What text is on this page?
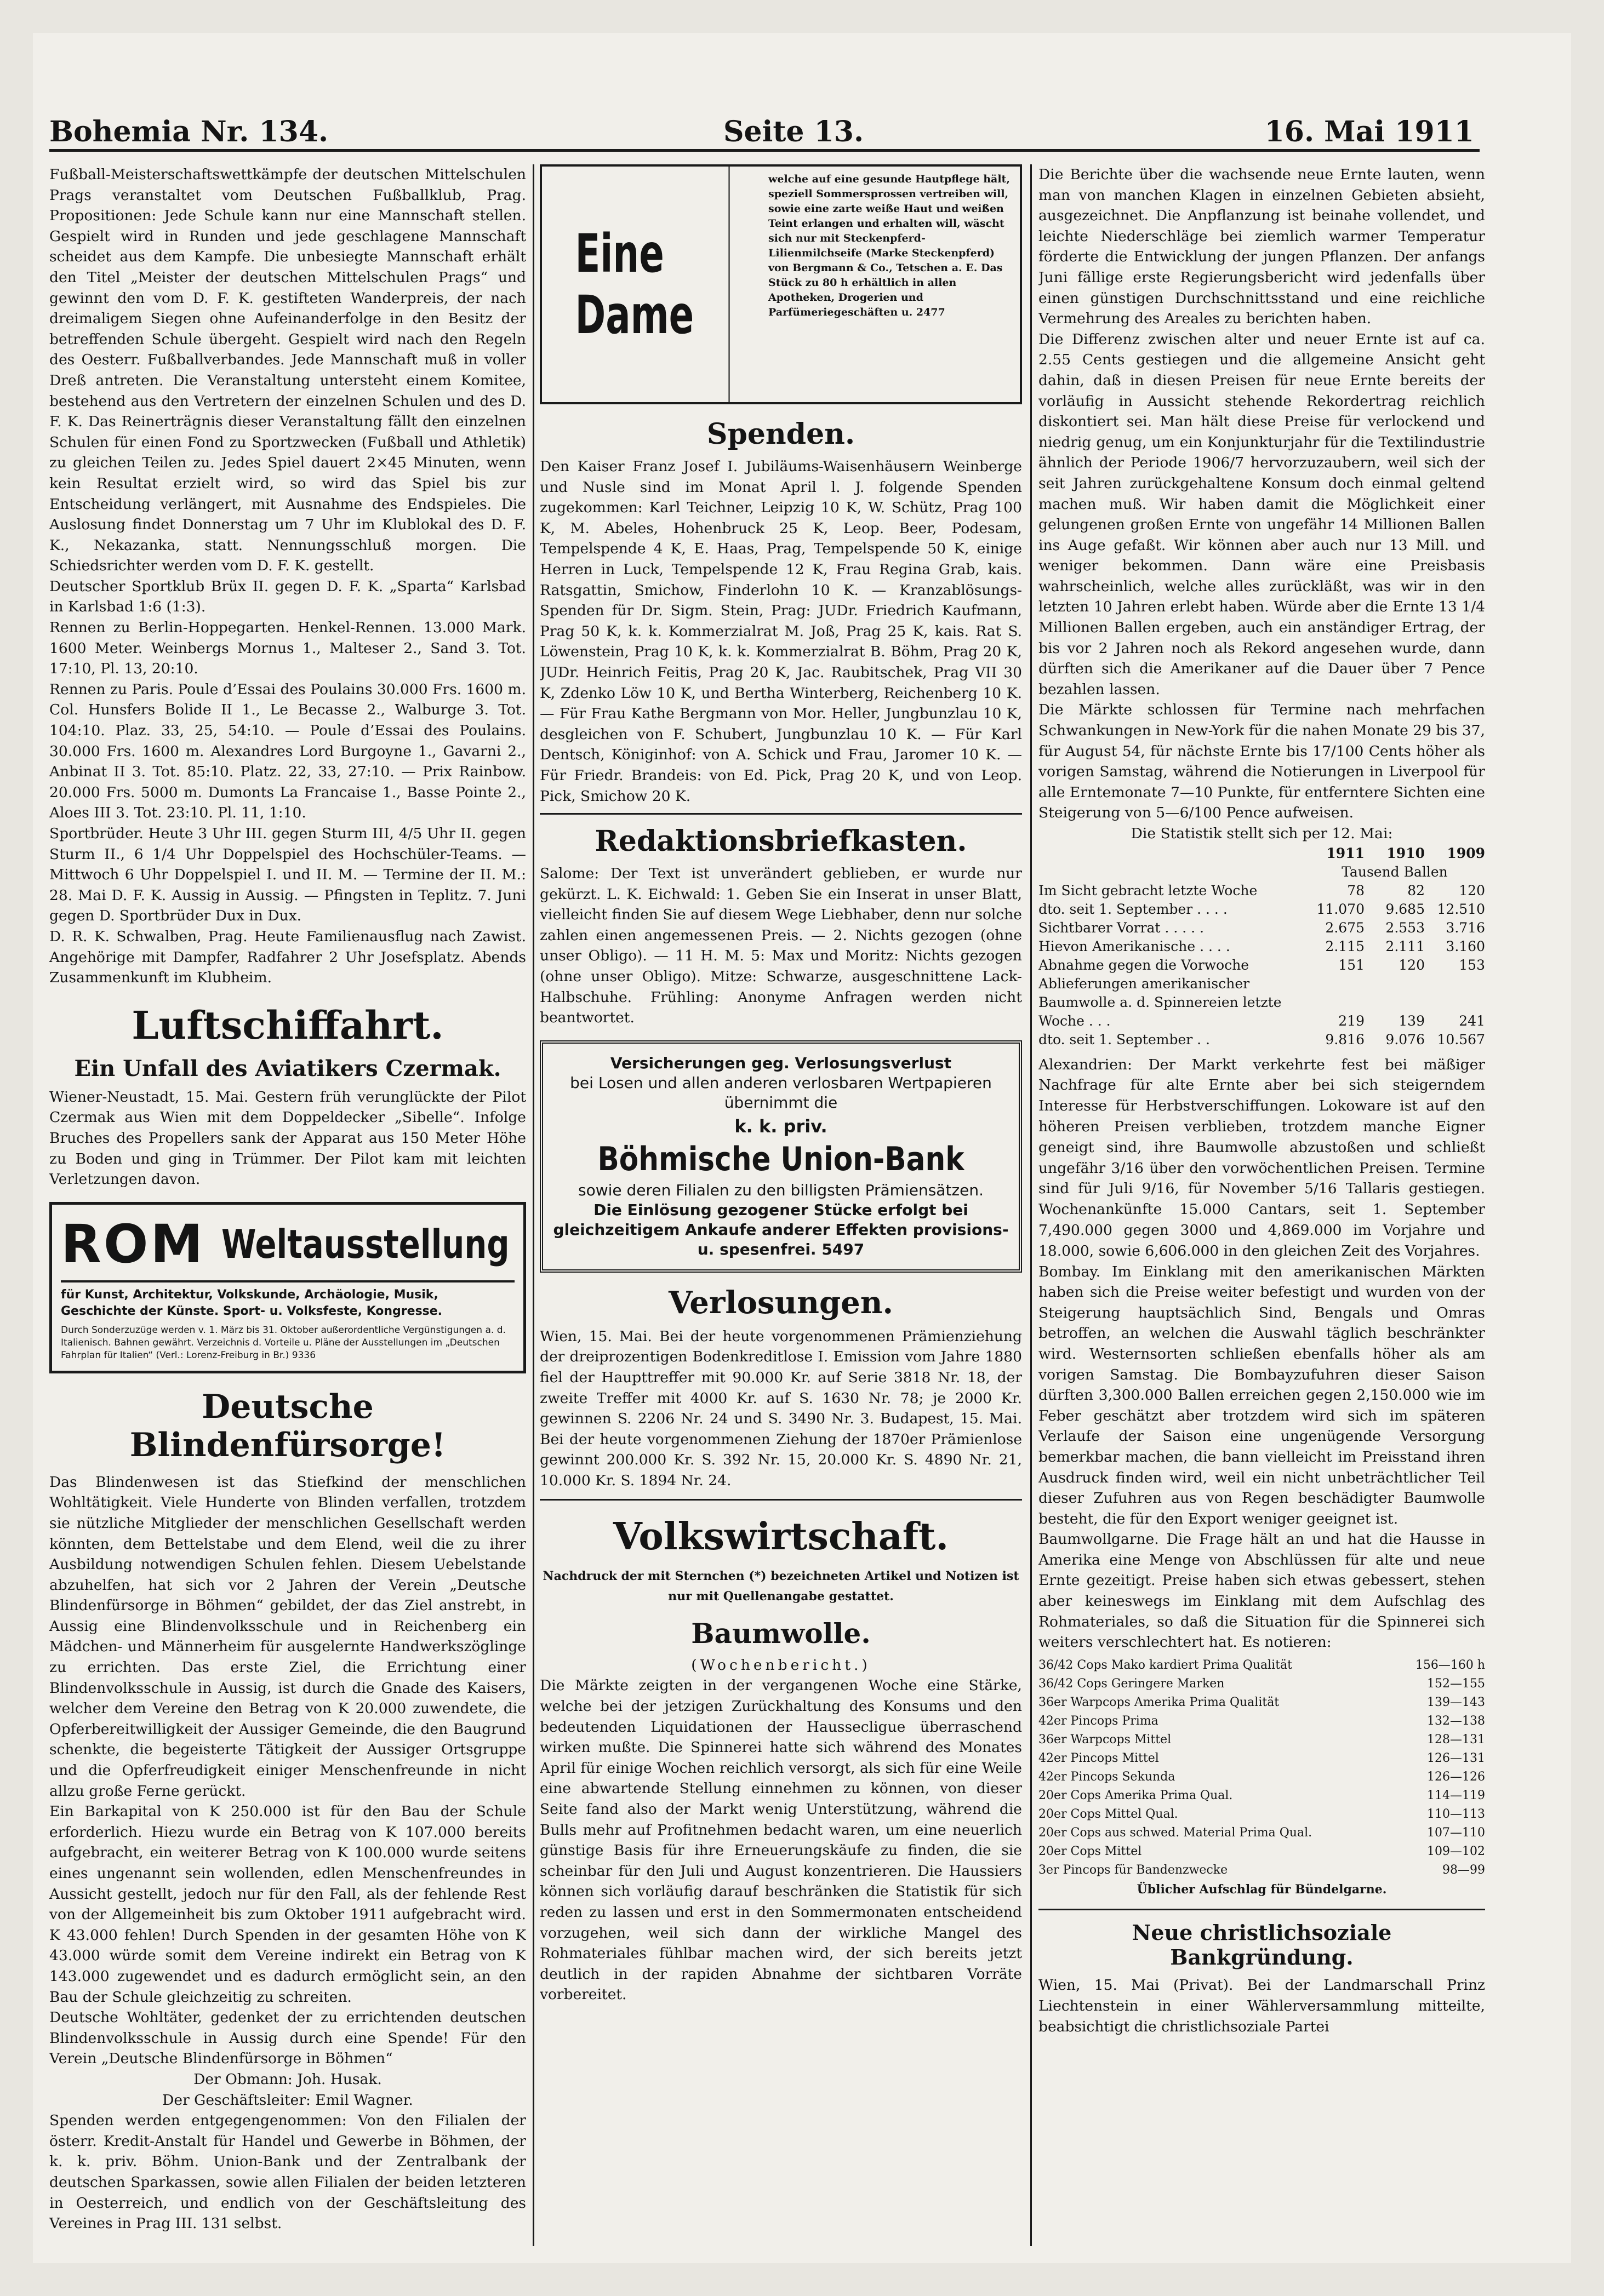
Bohemia Nr. 134.	Seite 13.	16. Mai 1911

Fußball-Meisterschaftswettkämpfe der deutschen Mittelschulen Prags veranstaltet vom Deutschen Fußballklub, Prag. Propositionen: Jede Schule kann nur eine Mannschaft stellen. Gespielt wird in Runden und jede geschlagene Mannschaft scheidet aus dem Kampfe. Die unbesiegte Mannschaft erhält den Titel „Meister der deutschen Mittelschulen Prags“ und gewinnt den vom D. F. K. gestifteten Wanderpreis, der nach dreimaligem Siegen ohne Aufeinanderfolge in den Besitz der betreffenden Schule übergeht. Gespielt wird nach den Regeln des Oesterr. Fußballverbandes. Jede Mannschaft muß in voller Dreß antreten. Die Veranstaltung untersteht einem Komitee, bestehend aus den Vertretern der einzelnen Schulen und des D. F. K. Das Reinerträgnis dieser Veranstaltung fällt den einzelnen Schulen für einen Fond zu Sportzwecken (Fußball und Athletik) zu gleichen Teilen zu. Jedes Spiel dauert 2×45 Minuten, wenn kein Resultat erzielt wird, so wird das Spiel bis zur Entscheidung verlängert, mit Ausnahme des Endspieles. Die Auslosung findet Donnerstag um 7 Uhr im Klublokal des D. F. K., Nekazanka, statt. Nennungsschluß morgen. Die Schiedsrichter werden vom D. F. K. gestellt.

Deutscher Sportklub Brüx II. gegen D. F. K. „Sparta“ Karlsbad in Karlsbad 1:6 (1:3).

Rennen zu Berlin-Hoppegarten. Henkel-Rennen. 13.000 Mark. 1600 Meter. Weinbergs Mornus 1., Malteser 2., Sand 3. Tot. 17:10, Pl. 13, 20:10.

Rennen zu Paris. Poule d’Essai des Poulains 30.000 Frs. 1600 m. Col. Hunsfers Bolide II 1., Le Becasse 2., Walburge 3. Tot. 104:10. Plaz. 33, 25, 54:10. — Poule d’Essai des Poulains. 30.000 Frs. 1600 m. Alexandres Lord Burgoyne 1., Gavarni 2., Anbinat II 3. Tot. 85:10. Platz. 22, 33, 27:10. — Prix Rainbow. 20.000 Frs. 5000 m. Dumonts La Francaise 1., Basse Pointe 2., Aloes III 3. Tot. 23:10. Pl. 11, 1:10.

Sportbrüder. Heute 3 Uhr III. gegen Sturm III, 4/5 Uhr II. gegen Sturm II., 6 1/4 Uhr Doppelspiel des Hochschüler-Teams. — Mittwoch 6 Uhr Doppelspiel I. und II. M. — Termine der II. M.: 28. Mai D. F. K. Aussig in Aussig. — Pfingsten in Teplitz. 7. Juni gegen D. Sportbrüder Dux in Dux.

D. R. K. Schwalben, Prag. Heute Familienausflug nach Zawist. Angehörige mit Dampfer, Radfahrer 2 Uhr Josefsplatz. Abends Zusammenkunft im Klubheim.

Luftschiffahrt.
Ein Unfall des Aviatikers Czermak.

Wiener-Neustadt, 15. Mai. Gestern früh verunglückte der Pilot Czermak aus Wien mit dem Doppeldecker „Sibelle“. Infolge Bruches des Propellers sank der Apparat aus 150 Meter Höhe zu Boden und ging in Trümmer. Der Pilot kam mit leichten Verletzungen davon.

ROM Weltausstellung

für Kunst, Architektur, Volkskunde, Archäologie, Musik, Geschichte der Künste. Sport- u. Volksfeste, Kongresse.

Durch Sonderzuzüge werden v. 1. März bis 31. Oktober außerordentliche Vergünstigungen a. d. Italienisch. Bahnen gewährt. Verzeichnis d. Vorteile u. Pläne der Ausstellungen im „Deutschen Fahrplan für Italien“ (Verl.: Lorenz-Freiburg in Br.) 9336

Deutsche Blindenfürsorge!

Das Blindenwesen ist das Stiefkind der menschlichen Wohltätigkeit. Viele Hunderte von Blinden verfallen, trotzdem sie nützliche Mitglieder der menschlichen Gesellschaft werden könnten, dem Bettelstabe und dem Elend, weil die zu ihrer Ausbildung notwendigen Schulen fehlen. Diesem Uebelstande abzuhelfen, hat sich vor 2 Jahren der Verein „Deutsche Blindenfürsorge in Böhmen“ gebildet, der das Ziel anstrebt, in Aussig eine Blindenvolksschule und in Reichenberg ein Mädchen- und Männerheim für ausgelernte Handwerkszöglinge zu errichten. Das erste Ziel, die Errichtung einer Blindenvolksschule in Aussig, ist durch die Gnade des Kaisers, welcher dem Vereine den Betrag von K 20.000 zuwendete, die Opferbereitwilligkeit der Aussiger Gemeinde, die den Baugrund schenkte, die begeisterte Tätigkeit der Aussiger Ortsgruppe und die Opferfreudigkeit einiger Menschenfreunde in nicht allzu große Ferne gerückt.

Ein Barkapital von K 250.000 ist für den Bau der Schule erforderlich. Hiezu wurde ein Betrag von K 107.000 bereits aufgebracht, ein weiterer Betrag von K 100.000 wurde seitens eines ungenannt sein wollenden, edlen Menschenfreundes in Aussicht gestellt, jedoch nur für den Fall, als der fehlende Rest von der Allgemeinheit bis zum Oktober 1911 aufgebracht wird. K 43.000 fehlen! Durch Spenden in der gesamten Höhe von K 43.000 würde somit dem Vereine indirekt ein Betrag von K 143.000 zugewendet und es dadurch ermöglicht sein, an den Bau der Schule gleichzeitig zu schreiten.

Deutsche Wohltäter, gedenket der zu errichtenden deutschen Blindenvolksschule in Aussig durch eine Spende! Für den Verein „Deutsche Blindenfürsorge in Böhmen“

Der Obmann: Joh. Husak.

Der Geschäftsleiter: Emil Wagner.

Spenden werden entgegengenommen: Von den Filialen der österr. Kredit-Anstalt für Handel und Gewerbe in Böhmen, der k. k. priv. Böhm. Union-Bank und der Zentralbank der deutschen Sparkassen, sowie allen Filialen der beiden letzteren in Oesterreich, und endlich von der Geschäftsleitung des Vereines in Prag III. 131 selbst.

Eine Dame
welche auf eine gesunde Hautpflege hält, speziell Sommersprossen vertreiben will, sowie eine zarte weiße Haut und weißen Teint erlangen und erhalten will, wäscht sich nur mit Steckenpferd-Lilienmilchseife (Marke Steckenpferd) von Bergmann & Co., Tetschen a. E. Das Stück zu 80 h erhältlich in allen Apotheken, Drogerien und Parfümeriegeschäften u. 2477
Spenden.

Den Kaiser Franz Josef I. Jubiläums-Waisenhäusern Weinberge und Nusle sind im Monat April l. J. folgende Spenden zugekommen: Karl Teichner, Leipzig 10 K, W. Schütz, Prag 100 K, M. Abeles, Hohenbruck 25 K, Leop. Beer, Podesam, Tempelspende 4 K, E. Haas, Prag, Tempelspende 50 K, einige Herren in Luck, Tempelspende 12 K, Frau Regina Grab, kais. Ratsgattin, Smichow, Finderlohn 10 K. — Kranzablösungs-Spenden für Dr. Sigm. Stein, Prag: JUDr. Friedrich Kaufmann, Prag 50 K, k. k. Kommerzialrat M. Joß, Prag 25 K, kais. Rat S. Löwenstein, Prag 10 K, k. k. Kommerzialrat B. Böhm, Prag 20 K, JUDr. Heinrich Feitis, Prag 20 K, Jac. Raubitschek, Prag VII 30 K, Zdenko Löw 10 K, und Bertha Winterberg, Reichenberg 10 K. — Für Frau Kathe Bergmann von Mor. Heller, Jungbunzlau 10 K, desgleichen von F. Schubert, Jungbunzlau 10 K. — Für Karl Dentsch, Königinhof: von A. Schick und Frau, Jaromer 10 K. — Für Friedr. Brandeis: von Ed. Pick, Prag 20 K, und von Leop. Pick, Smichow 20 K.

Redaktionsbriefkasten.

Salome: Der Text ist unverändert geblieben, er wurde nur gekürzt. L. K. Eichwald: 1. Geben Sie ein Inserat in unser Blatt, vielleicht finden Sie auf diesem Wege Liebhaber, denn nur solche zahlen einen angemessenen Preis. — 2. Nichts gezogen (ohne unser Obligo). — 11 H. M. 5: Max und Moritz: Nichts gezogen (ohne unser Obligo). Mitze: Schwarze, ausgeschnittene Lack-Halbschuhe. Frühling: Anonyme Anfragen werden nicht beantwortet.

Versicherungen geg. Verlosungsverlust

bei Losen und allen anderen verlosbaren Wertpapieren übernimmt die

k. k. priv.

Böhmische Union-Bank

sowie deren Filialen zu den billigsten Prämiensätzen.

Die Einlösung gezogener Stücke erfolgt bei gleichzeitigem Ankaufe anderer Effekten provisions- u. spesenfrei. 5497

Verlosungen.

Wien, 15. Mai. Bei der heute vorgenommenen Prämienziehung der dreiprozentigen Bodenkreditlose I. Emission vom Jahre 1880 fiel der Haupttreffer mit 90.000 Kr. auf Serie 3818 Nr. 18, der zweite Treffer mit 4000 Kr. auf S. 1630 Nr. 78; je 2000 Kr. gewinnen S. 2206 Nr. 24 und S. 3490 Nr. 3. Budapest, 15. Mai. Bei der heute vorgenommenen Ziehung der 1870er Prämienlose gewinnt 200.000 Kr. S. 392 Nr. 15, 20.000 Kr. S. 4890 Nr. 21, 10.000 Kr. S. 1894 Nr. 24.

Volkswirtschaft.

Nachdruck der mit Sternchen (*) bezeichneten Artikel und Notizen ist nur mit Quellenangabe gestattet.

Baumwolle.

(Wochenbericht.)

Die Märkte zeigten in der vergangenen Woche eine Stärke, welche bei der jetzigen Zurückhaltung des Konsums und den bedeutenden Liquidationen der Haussecligue überraschend wirken mußte. Die Spinnerei hatte sich während des Monates April für einige Wochen reichlich versorgt, als sich für eine Weile eine abwartende Stellung einnehmen zu können, von dieser Seite fand also der Markt wenig Unterstützung, während die Bulls mehr auf Profitnehmen bedacht waren, um eine neuerlich günstige Basis für ihre Erneuerungskäufe zu finden, die sie scheinbar für den Juli und August konzentrieren. Die Haussiers können sich vorläufig darauf beschränken die Statistik für sich reden zu lassen und erst in den Sommermonaten entscheidend vorzugehen, weil sich dann der wirkliche Mangel des Rohmateriales fühlbar machen wird, der sich bereits jetzt deutlich in der rapiden Abnahme der sichtbaren Vorräte vorbereitet.

Die Berichte über die wachsende neue Ernte lauten, wenn man von manchen Klagen in einzelnen Gebieten absieht, ausgezeichnet. Die Anpflanzung ist beinahe vollendet, und leichte Niederschläge bei ziemlich warmer Temperatur förderte die Entwicklung der jungen Pflanzen. Der anfangs Juni fällige erste Regierungsbericht wird jedenfalls über einen günstigen Durchschnittsstand und eine reichliche Vermehrung des Areales zu berichten haben.

Die Differenz zwischen alter und neuer Ernte ist auf ca. 2.55 Cents gestiegen und die allgemeine Ansicht geht dahin, daß in diesen Preisen für neue Ernte bereits der vorläufig in Aussicht stehende Rekordertrag reichlich diskontiert sei. Man hält diese Preise für verlockend und niedrig genug, um ein Konjunkturjahr für die Textilindustrie ähnlich der Periode 1906/7 hervorzuzaubern, weil sich der seit Jahren zurückgehaltene Konsum doch einmal geltend machen muß. Wir haben damit die Möglichkeit einer gelungenen großen Ernte von ungefähr 14 Millionen Ballen ins Auge gefaßt. Wir können aber auch nur 13 Mill. und weniger bekommen. Dann wäre eine Preisbasis wahrscheinlich, welche alles zurückläßt, was wir in den letzten 10 Jahren erlebt haben. Würde aber die Ernte 13 1/4 Millionen Ballen ergeben, auch ein anständiger Ertrag, der bis vor 2 Jahren noch als Rekord angesehen wurde, dann dürften sich die Amerikaner auf die Dauer über 7 Pence bezahlen lassen.

Die Märkte schlossen für Termine nach mehrfachen Schwankungen in New-York für die nahen Monate 29 bis 37, für August 54, für nächste Ernte bis 17/100 Cents höher als vorigen Samstag, während die Notierungen in Liverpool für alle Erntemonate 7—10 Punkte, für entferntere Sichten eine Steigerung von 5—6/100 Pence aufweisen.

Die Statistik stellt sich per 12. Mai:

	1911	1910	1909
	Tausend Ballen		
Im Sicht gebracht letzte Woche	78	82	120
dto. seit 1. September . . . .	11.070	9.685	12.510
Sichtbarer Vorrat . . . . .	2.675	2.553	3.716
Hievon Amerikanische . . . .	2.115	2.111	3.160
Abnahme gegen die Vorwoche	151	120	153
Ablieferungen amerikanischer Baumwolle a. d. Spinnereien letzte Woche . . .	219	139	241
dto. seit 1. September . .	9.816	9.076	10.567

Alexandrien: Der Markt verkehrte fest bei mäßiger Nachfrage für alte Ernte aber bei sich steigerndem Interesse für Herbstverschiffungen. Lokoware ist auf den höheren Preisen verblieben, trotzdem manche Eigner geneigt sind, ihre Baumwolle abzustoßen und schließt ungefähr 3/16 über den vorwöchentlichen Preisen. Termine sind für Juli 9/16, für November 5/16 Tallaris gestiegen. Wochenankünfte 15.000 Cantars, seit 1. September 7,490.000 gegen 3000 und 4,869.000 im Vorjahre und 18.000, sowie 6,606.000 in den gleichen Zeit des Vorjahres.

Bombay. Im Einklang mit den amerikanischen Märkten haben sich die Preise weiter befestigt und wurden von der Steigerung hauptsächlich Sind, Bengals und Omras betroffen, an welchen die Auswahl täglich beschränkter wird. Westernsorten schließen ebenfalls höher als am vorigen Samstag. Die Bombayzufuhren dieser Saison dürften 3,300.000 Ballen erreichen gegen 2,150.000 wie im Feber geschätzt aber trotzdem wird sich im späteren Verlaufe der Saison eine ungenügende Versorgung bemerkbar machen, die bann vielleicht im Preisstand ihren Ausdruck finden wird, weil ein nicht unbeträchtlicher Teil dieser Zufuhren aus von Regen beschädigter Baumwolle besteht, die für den Export weniger geeignet ist.

Baumwollgarne. Die Frage hält an und hat die Hausse in Amerika eine Menge von Abschlüssen für alte und neue Ernte gezeitigt. Preise haben sich etwas gebessert, stehen aber keineswegs im Einklang mit dem Aufschlag des Rohmateriales, so daß die Situation für die Spinnerei sich weiters verschlechtert hat. Es notieren:

36/42 Cops Mako kardiert Prima Qualität	156—160 h
36/42 Cops Geringere Marken	152—155
36er Warpcops Amerika Prima Qualität	139—143
42er Pincops Prima	132—138
36er Warpcops Mittel	128—131
42er Pincops Mittel	126—131
42er Pincops Sekunda	126—126
20er Cops Amerika Prima Qual.	114—119
20er Cops Mittel Qual.	110—113
20er Cops aus schwed. Material Prima Qual.	107—110
20er Cops Mittel	109—102
3er Pincops für Bandenzwecke	98—99

Üblicher Aufschlag für Bündelgarne.

Neue christlichsoziale Bankgründung.

Wien, 15. Mai (Privat). Bei der Landmarschall Prinz Liechtenstein in einer Wählerversammlung mitteilte, beabsichtigt die christlichsoziale Partei
